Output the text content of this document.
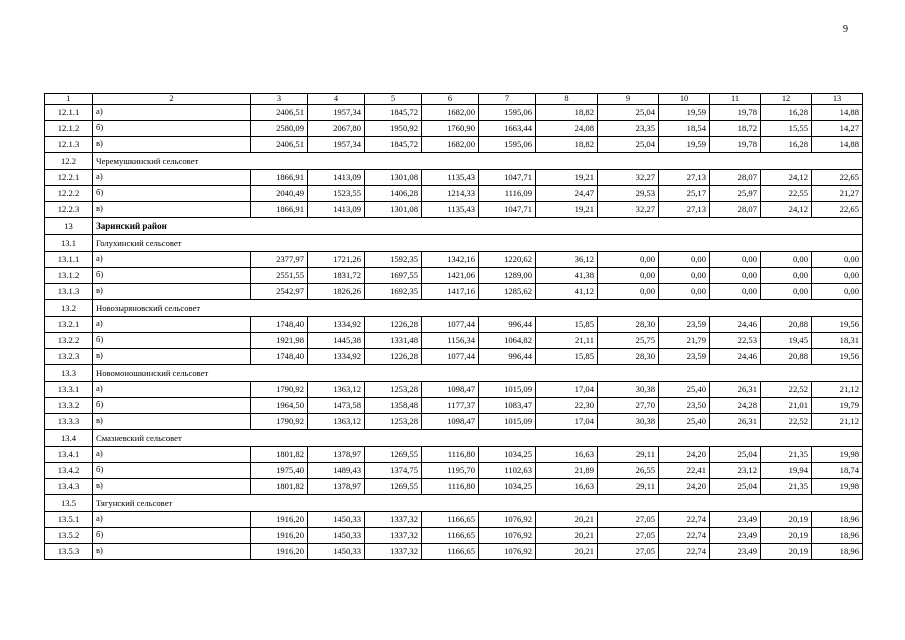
9
1	2	3	4	5	6	7	8	9	10	11	12	13
12.1.1	а)	2406,51	1957,34	1845,72	1682,00	1595,06	18,82	25,04	19,59	19,78	16,28	14,88
12.1.2	б)	2580,09	2067,80	1950,92	1760,90	1663,44	24,08	23,35	18,54	18,72	15,55	14,27
12.1.3	в)	2406,51	1957,34	1845,72	1682,00	1595,06	18,82	25,04	19,59	19,78	16,28	14,88
12.2	Черемушкинский сельсовет											
12.2.1	а)	1866,91	1413,09	1301,08	1135,43	1047,71	19,21	32,27	27,13	28,07	24,12	22,65
12.2.2	б)	2040,49	1523,55	1406,28	1214,33	1116,09	24,47	29,53	25,17	25,97	22,55	21,27
12.2.3	в)	1866,91	1413,09	1301,08	1135,43	1047,71	19,21	32,27	27,13	28,07	24,12	22,65
13	Заринский район											
13.1	Голухинский сельсовет											
13.1.1	а)	2377,97	1721,26	1592,35	1342,16	1220,62	36,12	0,00	0,00	0,00	0,00	0,00
13.1.2	б)	2551,55	1831,72	1697,55	1421,06	1289,00	41,38	0,00	0,00	0,00	0,00	0,00
13.1.3	в)	2542,97	1826,26	1692,35	1417,16	1285,62	41,12	0,00	0,00	0,00	0,00	0,00
13.2	Новозыряновский сельсовет											
13.2.1	а)	1748,40	1334,92	1226,28	1077,44	996,44	15,85	28,30	23,59	24,46	20,88	19,56
13.2.2	б)	1921,98	1445,38	1331,48	1156,34	1064,82	21,11	25,75	21,79	22,53	19,45	18,31
13.2.3	в)	1748,40	1334,92	1226,28	1077,44	996,44	15,85	28,30	23,59	24,46	20,88	19,56
13.3	Новомоношкинский сельсовет											
13.3.1	а)	1790,92	1363,12	1253,28	1098,47	1015,09	17,04	30,38	25,40	26,31	22,52	21,12
13.3.2	б)	1964,50	1473,58	1358,48	1177,37	1083,47	22,30	27,70	23,50	24,28	21,01	19,79
13.3.3	в)	1790,92	1363,12	1253,28	1098,47	1015,09	17,04	30,38	25,40	26,31	22,52	21,12
13.4	Смазневский сельсовет											
13.4.1	а)	1801,82	1378,97	1269,55	1116,80	1034,25	16,63	29,11	24,20	25,04	21,35	19,98
13.4.2	б)	1975,40	1489,43	1374,75	1195,70	1102,63	21,89	26,55	22,41	23,12	19,94	18,74
13.4.3	в)	1801,82	1378,97	1269,55	1116,80	1034,25	16,63	29,11	24,20	25,04	21,35	19,98
13.5	Тягунский сельсовет											
13.5.1	а)	1916,20	1450,33	1337,32	1166,65	1076,92	20,21	27,05	22,74	23,49	20,19	18,96
13.5.2	б)	1916,20	1450,33	1337,32	1166,65	1076,92	20,21	27,05	22,74	23,49	20,19	18,96
13.5.3	в)	1916,20	1450,33	1337,32	1166,65	1076,92	20,21	27,05	22,74	23,49	20,19	18,96
